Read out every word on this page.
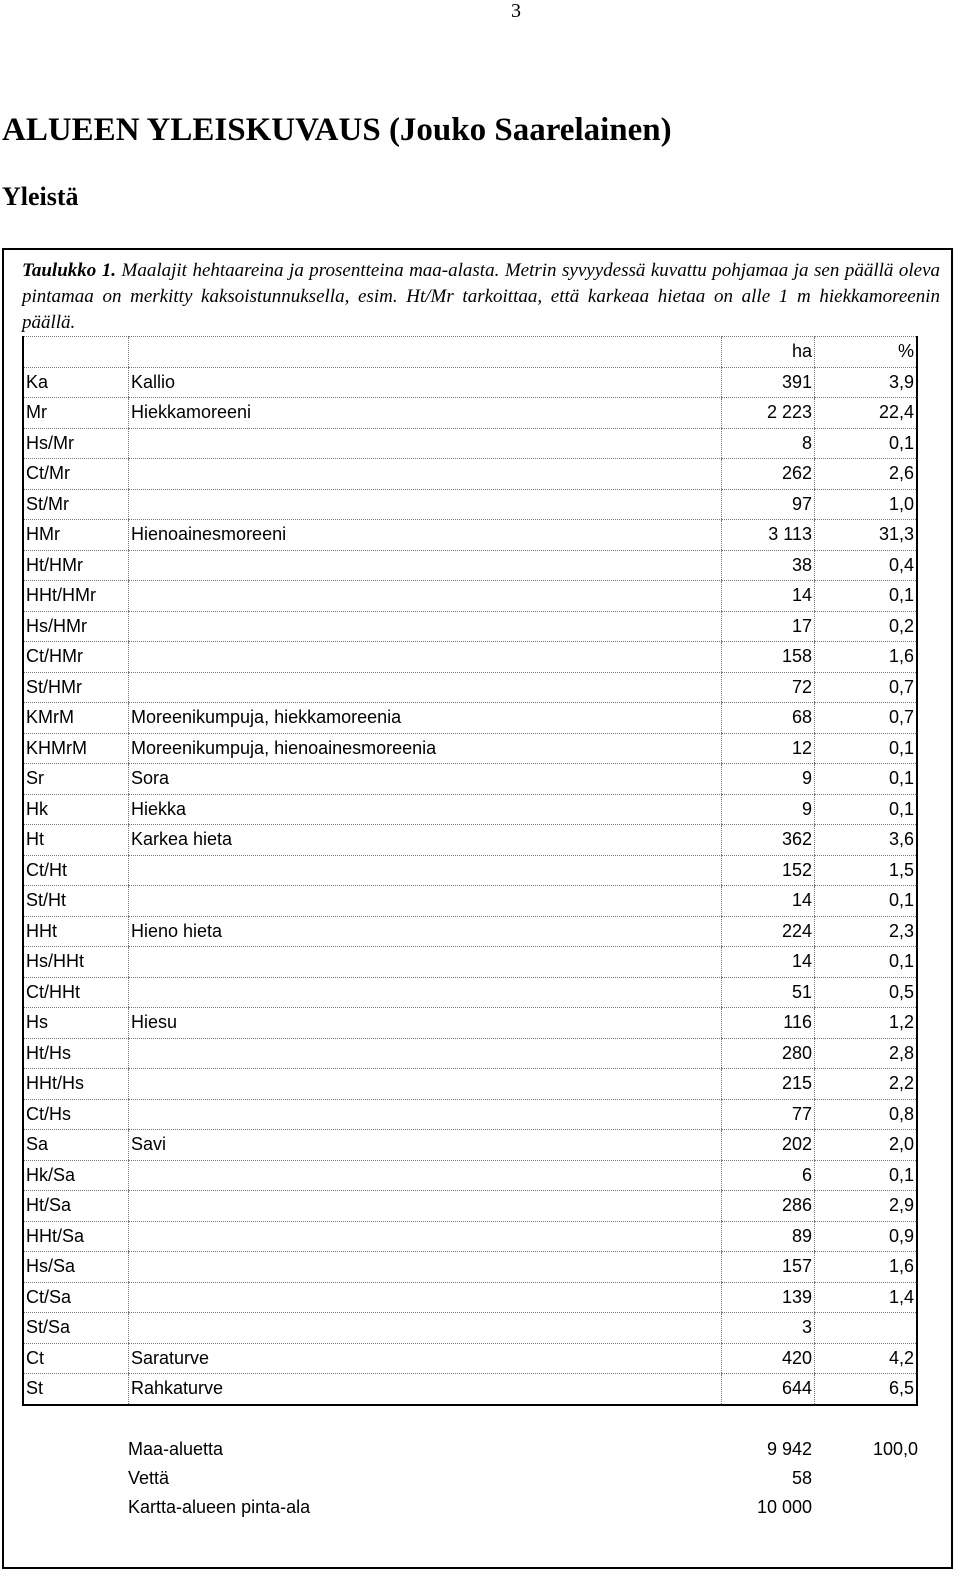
3
ALUEEN YLEISKUVAUS (Jouko Saarelainen)
Yleistä

Taulukko 1. Maalajit hehtaareina ja prosentteina maa-alasta. Metrin syvyydessä kuvattu pohjamaa ja sen päällä oleva pintamaa on merkitty kaksoistunnuksella, esim. Ht/Mr tarkoittaa, että karkeaa hietaa on alle 1 m hiekkamoreenin päällä.

		ha	%
Ka	Kallio	391	3,9
Mr	Hiekkamoreeni	2 223	22,4
Hs/Mr		8	0,1
Ct/Mr		262	2,6
St/Mr		97	1,0
HMr	Hienoainesmoreeni	3 113	31,3
Ht/HMr		38	0,4
HHt/HMr		14	0,1
Hs/HMr		17	0,2
Ct/HMr		158	1,6
St/HMr		72	0,7
KMrM	Moreenikumpuja, hiekkamoreenia	68	0,7
KHMrM	Moreenikumpuja, hienoainesmoreenia	12	0,1
Sr	Sora	9	0,1
Hk	Hiekka	9	0,1
Ht	Karkea hieta	362	3,6
Ct/Ht		152	1,5
St/Ht		14	0,1
HHt	Hieno hieta	224	2,3
Hs/HHt		14	0,1
Ct/HHt		51	0,5
Hs	Hiesu	116	1,2
Ht/Hs		280	2,8
HHt/Hs		215	2,2
Ct/Hs		77	0,8
Sa	Savi	202	2,0
Hk/Sa		6	0,1
Ht/Sa		286	2,9
HHt/Sa		89	0,9
Hs/Sa		157	1,6
Ct/Sa		139	1,4
St/Sa		3	
Ct	Saraturve	420	4,2
St	Rahkaturve	644	6,5
Maa-aluetta	9 942	100,0
Vettä	58
Kartta-alueen pinta-ala	10 000
